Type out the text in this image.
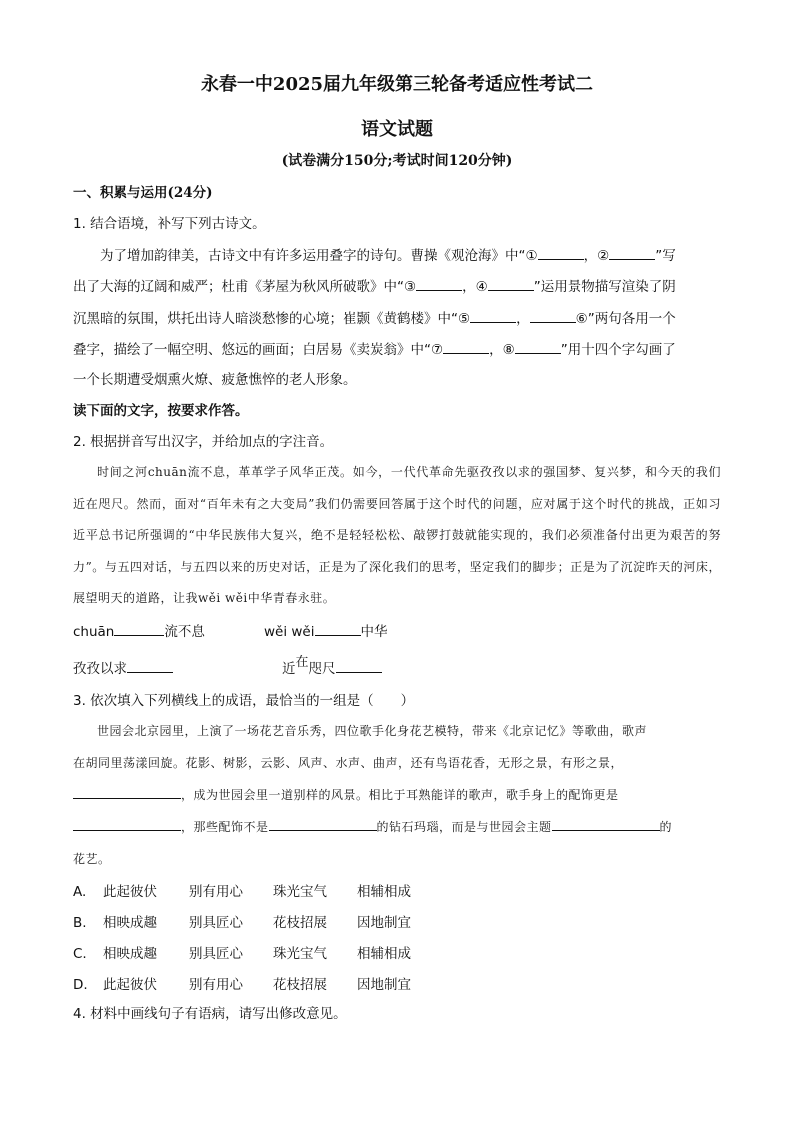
永春一中2025届九年级第三轮备考适应性考试二
语文试题
(试卷满分150分;考试时间120分钟)
一、积累与运用(24分)
1. 结合语境，补写下列古诗文。
为了增加韵律美，古诗文中有许多运用叠字的诗句。曹操《观沧海》中“①	，②	”写
出了大海的辽阔和威严；杜甫《茅屋为秋风所破歌》中“③	，④	”运用景物描写渲染了阴
沉黑暗的氛围，烘托出诗人暗淡愁惨的心境；崔颢《黄鹤楼》中“⑤	，	⑥”两句各用一个
叠字，描绘了一幅空明、悠远的画面；白居易《卖炭翁》中“⑦	，⑧	”用十四个字勾画了
一个长期遭受烟熏火燎、疲惫憔悴的老人形象。
读下面的文字，按要求作答。
2. 根据拼音写出汉字，并给加点的字注音。
时间之河chuān流不息，革革学子风华正茂。如今，一代代革命先驱孜孜以求的强国梦、复兴梦，和今天的我们近在咫尺。然而，面对“百年未有之大变局”我们仍需要回答属于这个时代的问题，应对属于这个时代的挑战，正如习近平总书记所强调的“中华民族伟大复兴，绝不是轻轻松松、敲锣打鼓就能实现的，我们必须准备付出更为艰苦的努力”。与五四对话，与五四以来的历史对话，正是为了深化我们的思考，坚定我们的脚步；正是为了沉淀昨天的河床，展望明天的道路，让我wěi wěi中华青春永驻。
chuān	流不息	wěi wěi	中华
孜孜以求	近在咫尺
3. 依次填入下列横线上的成语，最恰当的一组是（　　）
世园会北京园里，上演了一场花艺音乐秀，四位歌手化身花艺模特，带来《北京记忆》等歌曲，歌声
在胡同里荡漾回旋。花影、树影，云影、风声、水声、曲声，还有鸟语花香，无形之景，有形之景，
，成为世园会里一道别样的风景。相比于耳熟能详的歌声，歌手身上的配饰更是
，那些配饰不是	的钻石玛瑙，而是与世园会主题	的
花艺。
A. 此起彼伏 别有用心 珠光宝气 相辅相成
B. 相映成趣 别具匠心 花枝招展 因地制宜
C. 相映成趣 别具匠心 珠光宝气 相辅相成
D. 此起彼伏 别有用心 花枝招展 因地制宜
4. 材料中画线句子有语病，请写出修改意见。
